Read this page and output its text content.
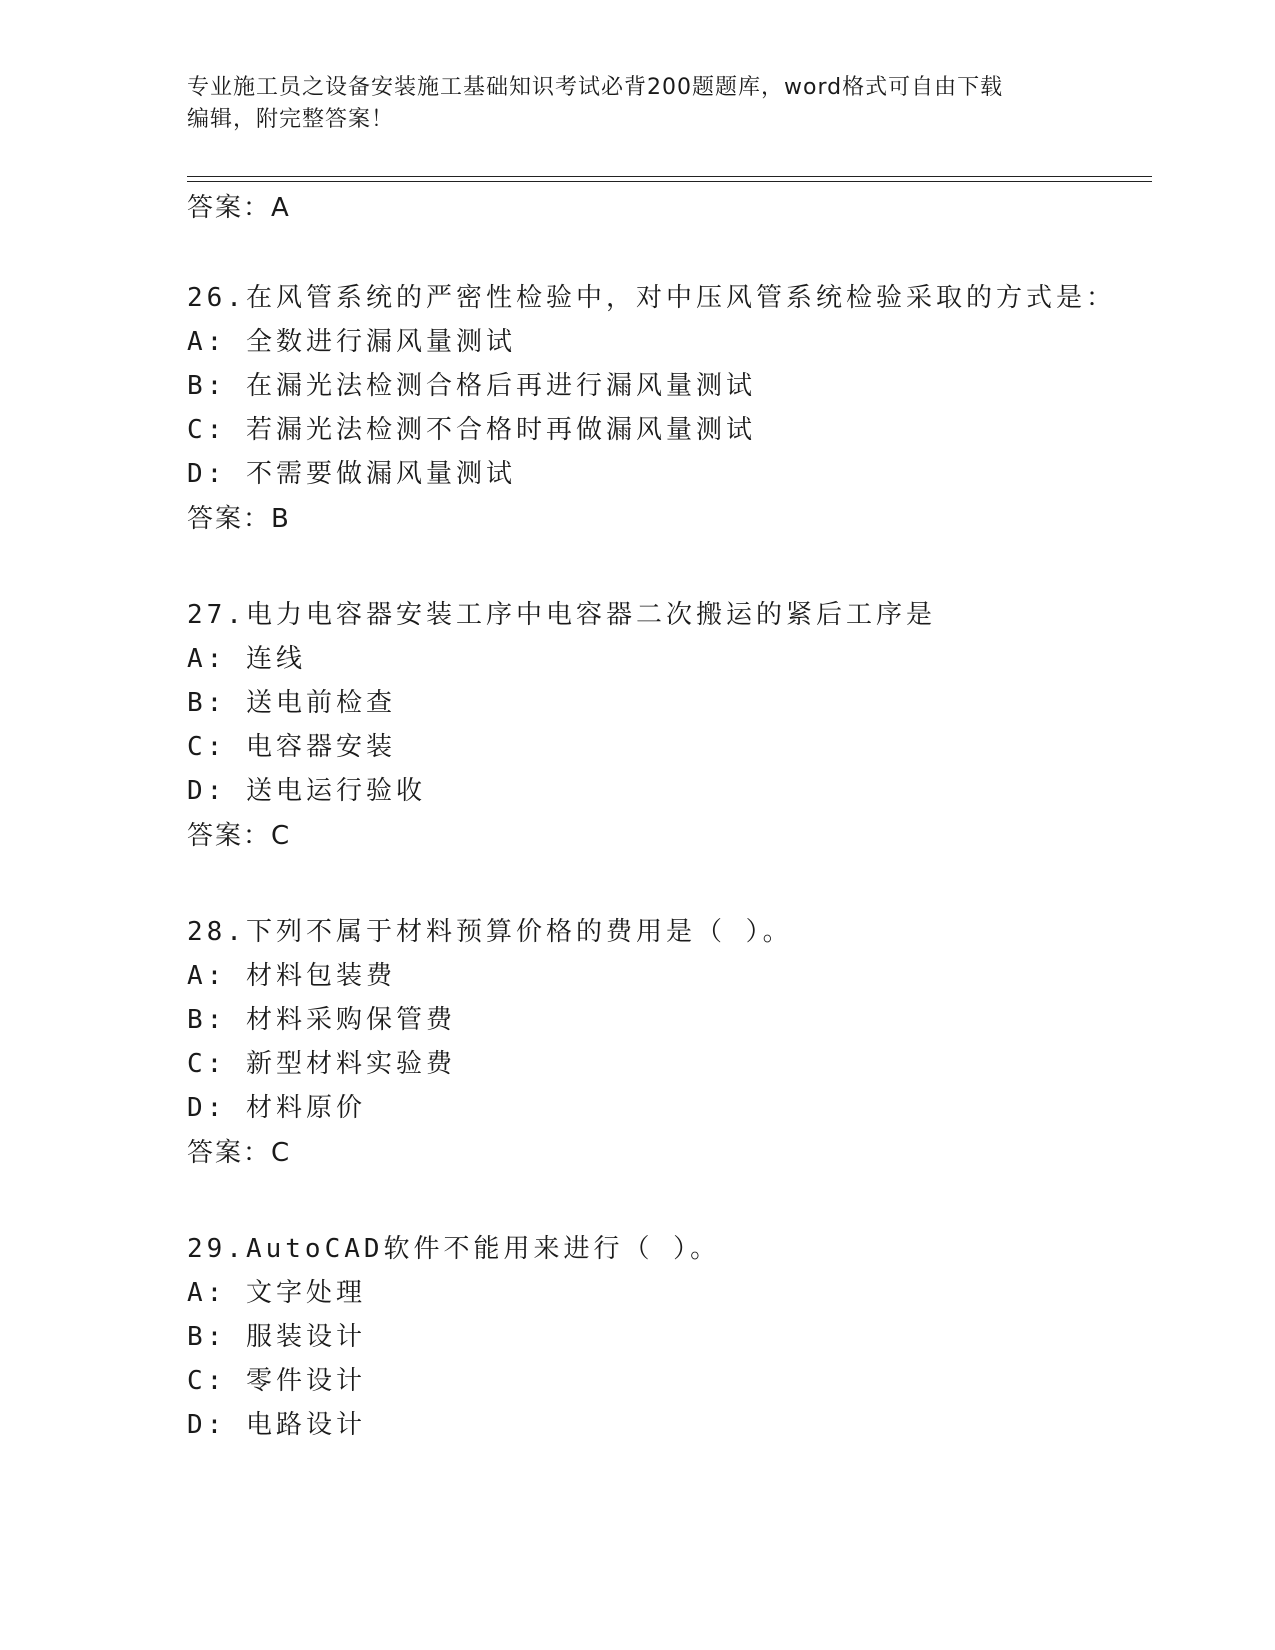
专业施工员之设备安装施工基础知识考试必背200题题库，word格式可自由下载
编辑，附完整答案！
答案：A
26.在风管系统的严密性检验中，对中压风管系统检验采取的方式是：
A: 全数进行漏风量测试
B: 在漏光法检测合格后再进行漏风量测试
C: 若漏光法检测不合格时再做漏风量测试
D: 不需要做漏风量测试
答案：B
27.电力电容器安装工序中电容器二次搬运的紧后工序是
A: 连线
B: 送电前检查
C: 电容器安装
D: 送电运行验收
答案：C
28.下列不属于材料预算价格的费用是（ ）。
A: 材料包装费
B: 材料采购保管费
C: 新型材料实验费
D: 材料原价
答案：C
29.AutoCAD软件不能用来进行（ ）。
A: 文字处理
B: 服装设计
C: 零件设计
D: 电路设计
